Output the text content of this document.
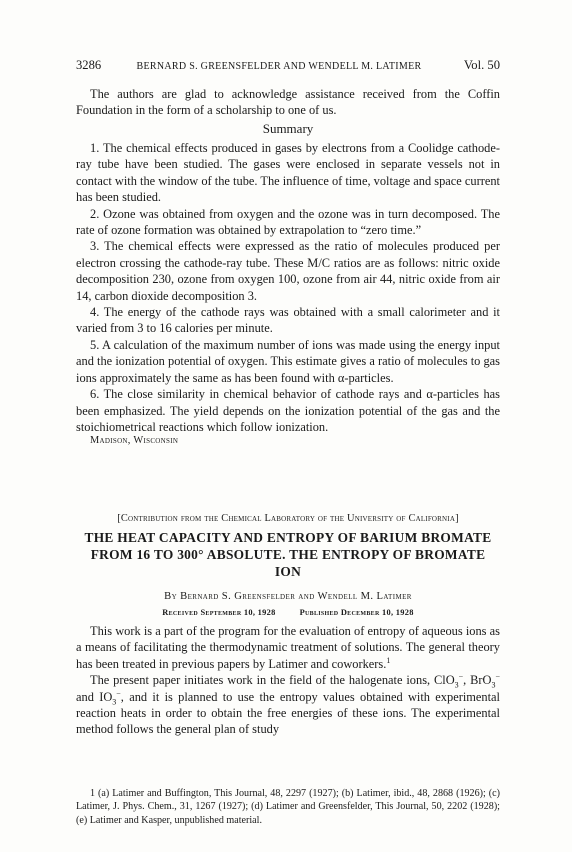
3286	BERNARD S. GREENSFELDER AND WENDELL M. LATIMER	Vol. 50

The authors are glad to acknowledge assistance received from the Coffin Foundation in the form of a scholarship to one of us.

Summary

1. The chemical effects produced in gases by electrons from a Coolidge cathode-ray tube have been studied. The gases were enclosed in separate vessels not in contact with the window of the tube. The influence of time, voltage and space current has been studied.

2. Ozone was obtained from oxygen and the ozone was in turn decomposed. The rate of ozone formation was obtained by extrapolation to “zero time.”

3. The chemical effects were expressed as the ratio of molecules produced per electron crossing the cathode-ray tube. These M/C ratios are as follows: nitric oxide decomposition 230, ozone from oxygen 100, ozone from air 44, nitric oxide from air 14, carbon dioxide decomposition 3.

4. The energy of the cathode rays was obtained with a small calorimeter and it varied from 3 to 16 calories per minute.

5. A calculation of the maximum number of ions was made using the energy input and the ionization potential of oxygen. This estimate gives a ratio of molecules to gas ions approximately the same as has been found with α-particles.

6. The close similarity in chemical behavior of cathode rays and α-particles has been emphasized. The yield depends on the ionization potential of the gas and the stoichiometrical reactions which follow ionization.

Madison, Wisconsin

[Contribution from the Chemical Laboratory of the University of California]
THE HEAT CAPACITY AND ENTROPY OF BARIUM BROMATE FROM 16 TO 300° ABSOLUTE. THE ENTROPY OF BROMATE ION
By Bernard S. Greensfelder and Wendell M. Latimer
Received September 10, 1928	Published December 10, 1928

This work is a part of the program for the evaluation of entropy of aqueous ions as a means of facilitating the thermodynamic treatment of solutions. The general theory has been treated in previous papers by Latimer and coworkers.$^1$

The present paper initiates work in the field of the halogenate ions, ClO$_3$−, BrO$_3$− and $IO_3^-$, and it is planned to use the entropy values obtained with experimental reaction heats in order to obtain the free energies of these ions. The experimental method follows the general plan of study

1 (a) Latimer and Buffington, This Journal, 48, 2297 (1927); (b) Latimer, ibid., 48, 2868 (1926); (c) Latimer, J. Phys. Chem., 31, 1267 (1927); (d) Latimer and Greensfelder, This Journal, 50, 2202 (1928); (e) Latimer and Kasper, unpublished material.
